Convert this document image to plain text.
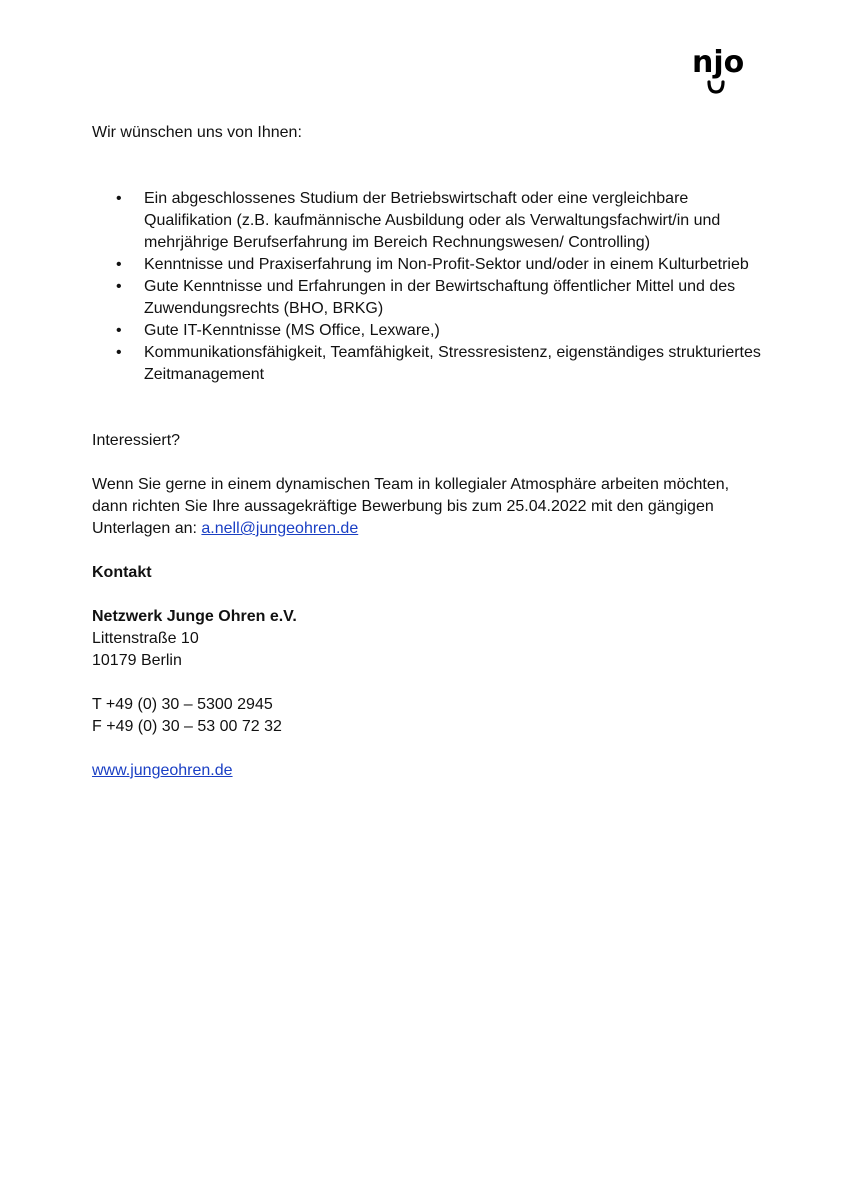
njo

Wir wünschen uns von Ihnen:

• Ein abgeschlossenes Studium der Betriebswirtschaft oder eine vergleichbare Qualifikation (z.B. kaufmännische Ausbildung oder als Verwaltungsfachwirt/in und mehrjährige Berufserfahrung im Bereich Rechnungswesen/ Controlling)
• Kenntnisse und Praxiserfahrung im Non-Profit-Sektor und/oder in einem Kulturbetrieb
• Gute Kenntnisse und Erfahrungen in der Bewirtschaftung öffentlicher Mittel und des Zuwendungsrechts (BHO, BRKG)
• Gute IT-Kenntnisse (MS Office, Lexware,)
• Kommunikationsfähigkeit, Teamfähigkeit, Stressresistenz, eigenständiges strukturiertes Zeitmanagement

Interessiert?

Wenn Sie gerne in einem dynamischen Team in kollegialer Atmosphäre arbeiten möchten,

dann richten Sie Ihre aussagekräftige Bewerbung bis zum 25.04.2022 mit den gängigen

Unterlagen an: a.nell@jungeohren.de

Kontakt

Netzwerk Junge Ohren e.V.

Littenstraße 10

10179 Berlin

T +49 (0) 30 – 5300 2945

F +49 (0) 30 – 53 00 72 32

www.jungeohren.de
